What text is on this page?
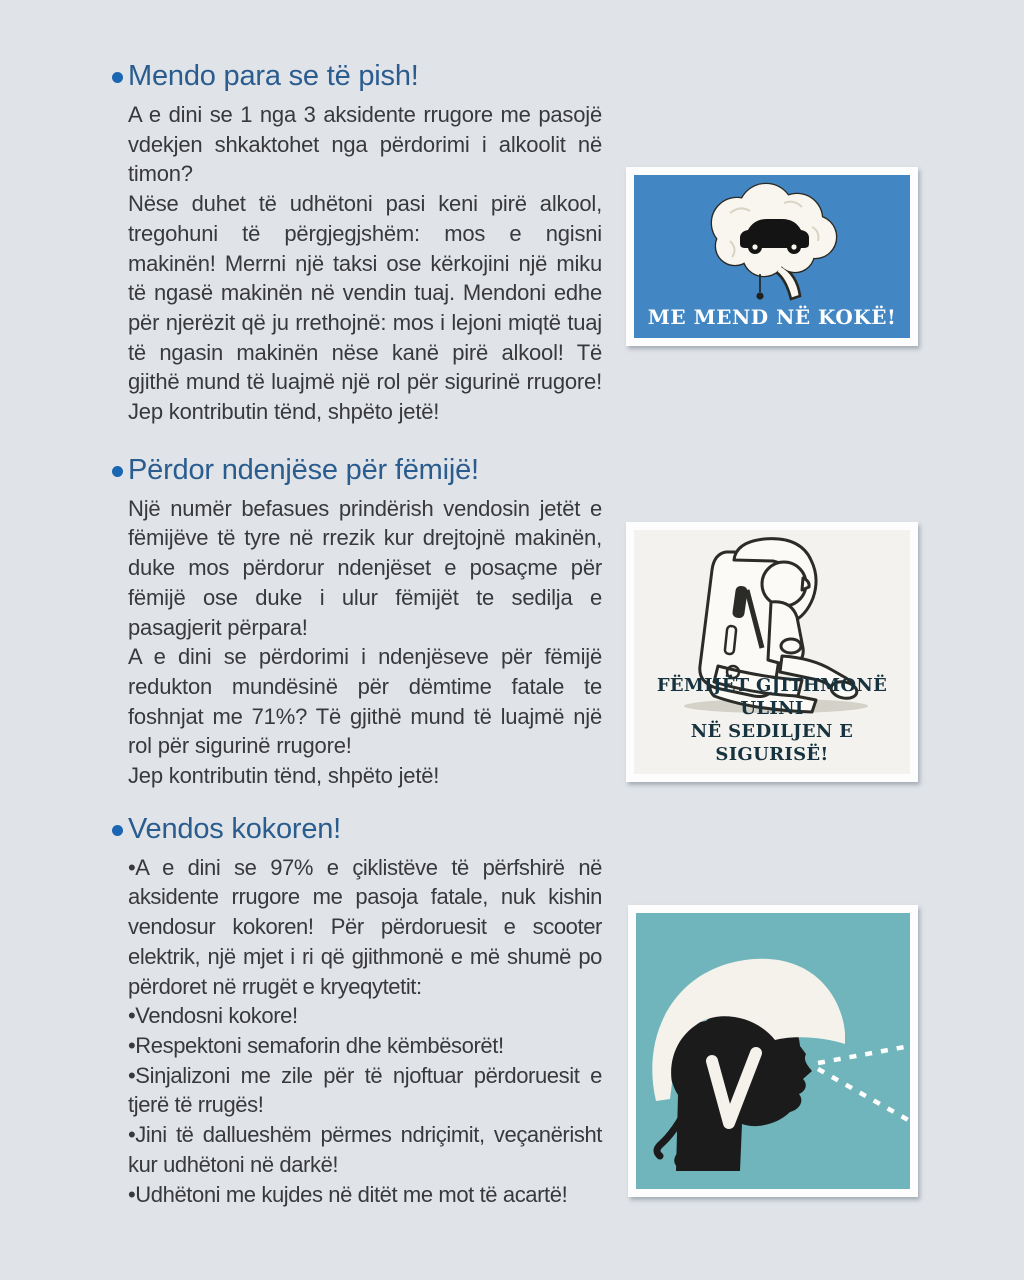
Mendo para se të pish!

A e dini se 1 nga 3 aksidente rrugore me pasojë vdekjen shkaktohet nga përdorimi i alkoolit në timon?

Nëse duhet të udhëtoni pasi keni pirë alkool, tregohuni të përgjegjshëm: mos e ngisni makinën! Merrni një taksi ose kërkojini një miku të ngasë makinën në vendin tuaj. Mendoni edhe për njerëzit që ju rrethojnë: mos i lejoni miqtë tuaj të ngasin makinën nëse kanë pirë alkool! Të gjithë mund të luajmë një rol për sigurinë rrugore! Jep kontributin tënd, shpëto jetë!

Përdor ndenjëse për fëmijë!

Një numër befasues prindërish vendosin jetët e fëmijëve të tyre në rrezik kur drejtojnë makinën, duke mos përdorur ndenjëset e posaçme për fëmijë ose duke i ulur fëmijët te sedilja e pasagjerit përpara!

A e dini se përdorimi i ndenjëseve për fëmijë redukton mundësinë për dëmtime fatale te foshnjat me 71%? Të gjithë mund të luajmë një rol për sigurinë rrugore!

Jep kontributin tënd, shpëto jetë!

Vendos kokoren!

•A e dini se 97% e çiklistëve të përfshirë në aksidente rrugore me pasoja fatale, nuk kishin vendosur kokoren! Për përdoruesit e scooter elektrik, një mjet i ri që gjithmonë e më shumë po përdoret në rrugët e kryeqytetit:

•Vendosni kokore!

•Respektoni semaforin dhe këmbësorët!

•Sinjalizoni me zile për të njoftuar përdoruesit e tjerë të rrugës!

•Jini të dallueshëm përmes ndriçimit, veçanërisht kur udhëtoni në darkë!

•Udhëtoni me kujdes në ditët me mot të acartë!

ME MEND NË KOKË!
FËMIJËT GJITHMONË ULINI
NË SEDILJEN E SIGURISË!
